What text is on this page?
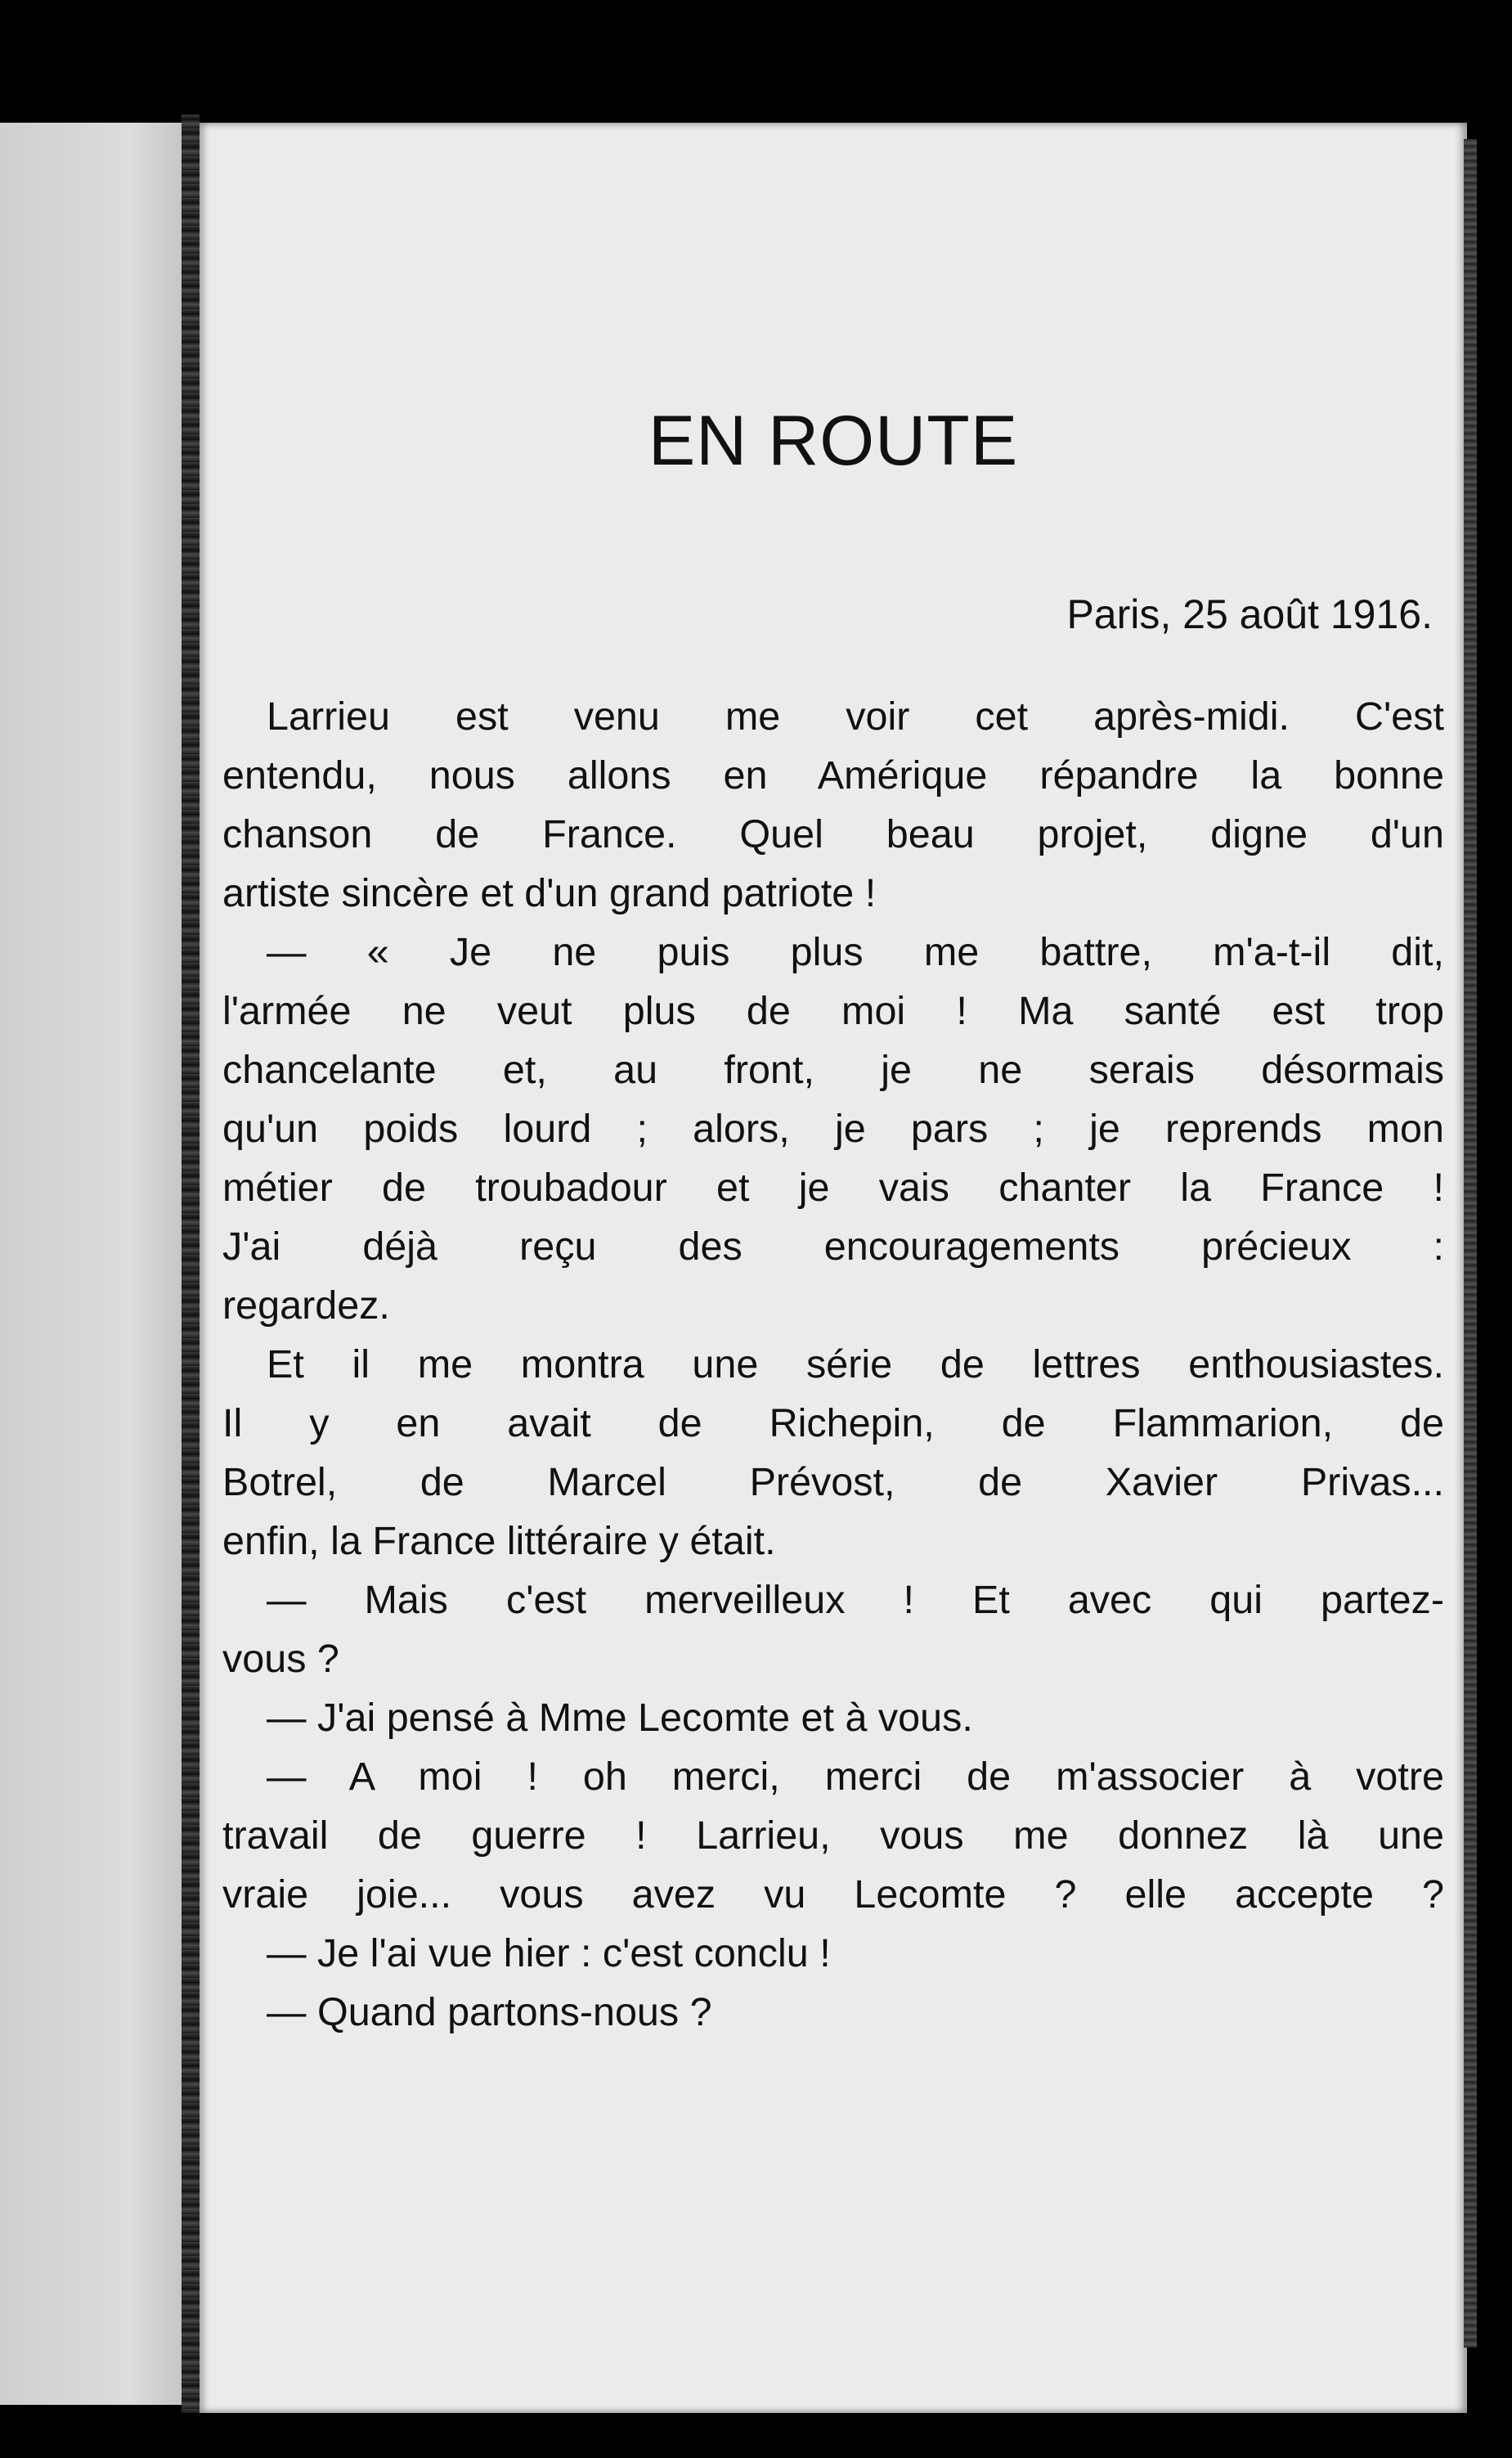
EN ROUTE

Paris, 25 août 1916.

Larrieu est venu me voir cet après-midi. C'est
entendu, nous allons en Amérique répandre la bonne
chanson de France. Quel beau projet, digne d'un
artiste sincère et d'un grand patriote !
— « Je ne puis plus me battre, m'a-t-il dit,
l'armée ne veut plus de moi ! Ma santé est trop
chancelante et, au front, je ne serais désormais
qu'un poids lourd ; alors, je pars ; je reprends mon
métier de troubadour et je vais chanter la France !
J'ai déjà reçu des encouragements précieux :
regardez.
Et il me montra une série de lettres enthousiastes.
Il y en avait de Richepin, de Flammarion, de
Botrel, de Marcel Prévost, de Xavier Privas...
enfin, la France littéraire y était.
— Mais c'est merveilleux ! Et avec qui partez-
vous ?
— J'ai pensé à Mme Lecomte et à vous.
— A moi ! oh merci, merci de m'associer à votre
travail de guerre ! Larrieu, vous me donnez là une
vraie joie... vous avez vu Lecomte ? elle accepte ?
— Je l'ai vue hier : c'est conclu !
— Quand partons-nous ?
